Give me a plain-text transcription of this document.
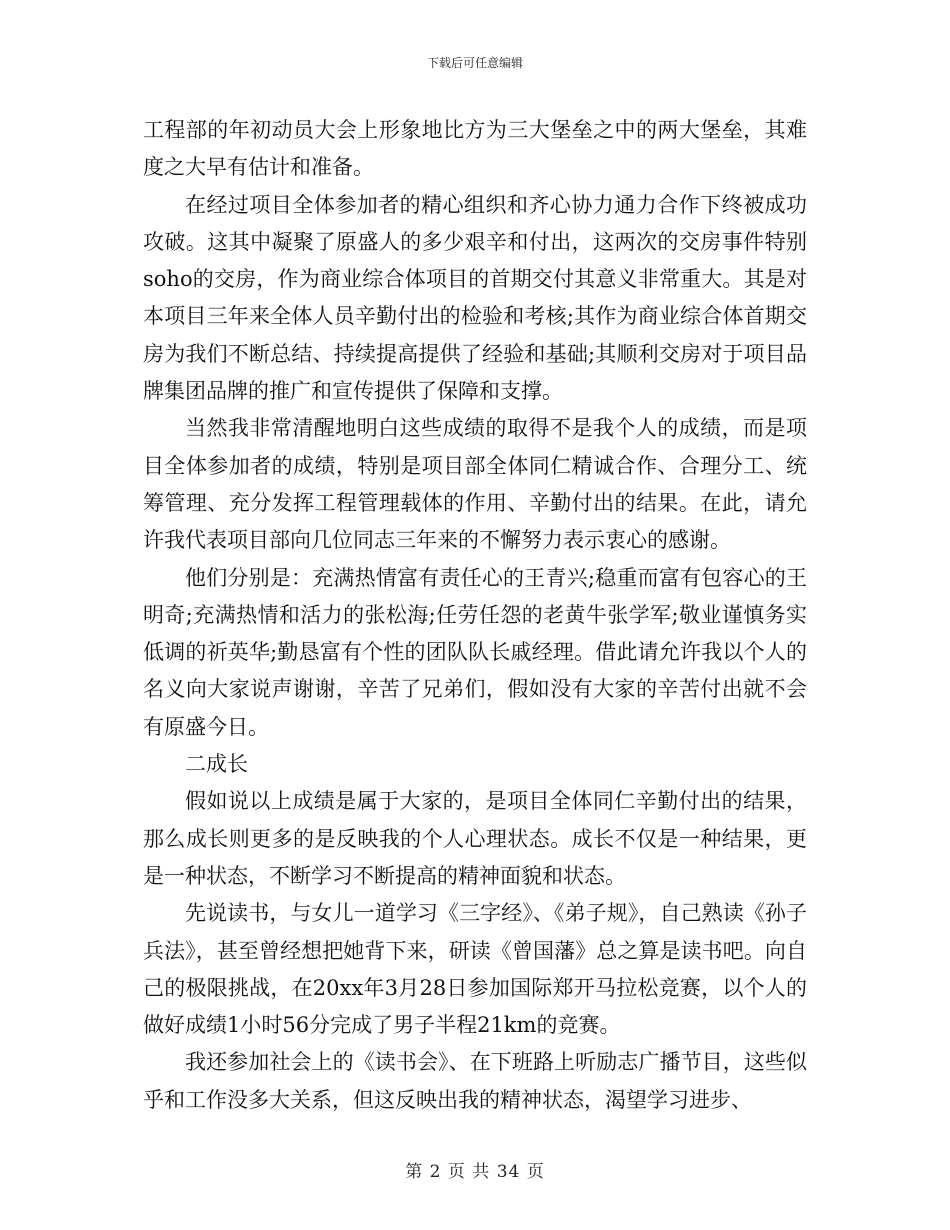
下载后可任意编辑

工程部的年初动员大会上形象地比方为三大堡垒之中的两大堡垒，其难度之大早有估计和准备。

在经过项目全体参加者的精心组织和齐心协力通力合作下终被成功攻破。这其中凝聚了原盛人的多少艰辛和付出，这两次的交房事件特别soho的交房，作为商业综合体项目的首期交付其意义非常重大。其是对本项目三年来全体人员辛勤付出的检验和考核;其作为商业综合体首期交房为我们不断总结、持续提高提供了经验和基础;其顺利交房对于项目品牌集团品牌的推广和宣传提供了保障和支撑。

当然我非常清醒地明白这些成绩的取得不是我个人的成绩，而是项目全体参加者的成绩，特别是项目部全体同仁精诚合作、合理分工、统筹管理、充分发挥工程管理载体的作用、辛勤付出的结果。在此，请允许我代表项目部向几位同志三年来的不懈努力表示衷心的感谢。

他们分别是：充满热情富有责任心的王青兴;稳重而富有包容心的王明奇;充满热情和活力的张松海;任劳任怨的老黄牛张学军;敬业谨慎务实低调的祈英华;勤恳富有个性的团队队长戚经理。借此请允许我以个人的名义向大家说声谢谢，辛苦了兄弟们，假如没有大家的辛苦付出就不会有原盛今日。

二成长

假如说以上成绩是属于大家的，是项目全体同仁辛勤付出的结果，那么成长则更多的是反映我的个人心理状态。成长不仅是一种结果，更是一种状态，不断学习不断提高的精神面貌和状态。

先说读书，与女儿一道学习《三字经》、《弟子规》，自己熟读《孙子兵法》，甚至曾经想把她背下来，研读《曾国藩》总之算是读书吧。向自己的极限挑战，在20xx年3月28日参加国际郑开马拉松竞赛，以个人的做好成绩1小时56分完成了男子半程21km的竞赛。

我还参加社会上的《读书会》、在下班路上听励志广播节目，这些似乎和工作没多大关系，但这反映出我的精神状态，渴望学习进步、

第 2 页 共 34 页
